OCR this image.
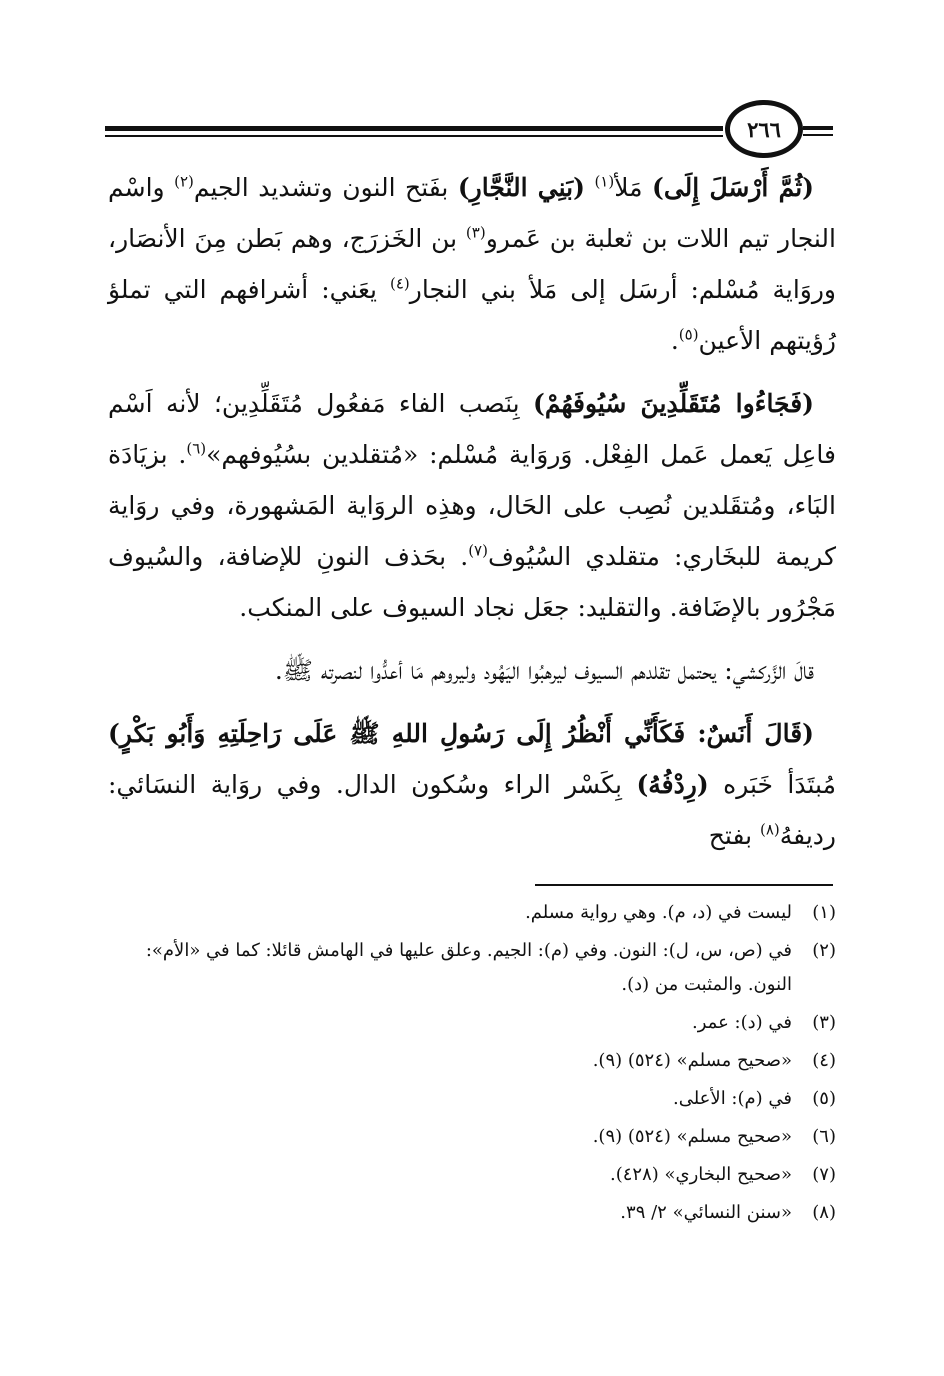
٢٦٦

(ثُمَّ أَرْسَلَ إِلَى) مَلأ$^{(١)}$ (بَنِي النَّجَّارِ) بفَتح النون وتشديد الجيم$^{(٢)}$ واسْم النجار تيم اللات بن ثعلبة بن عَمرو$^{(٣)}$ بن الخَزرَج، وهم بَطن مِنَ الأنصَار، وروَاية مُسْلم: أرسَل إلى مَلأ بني النجار$^{(٤)}$ يعَني: أشرافهم التي تملؤ رُؤيتهم الأعين$^{(٥)}$.

(فَجَاءُوا مُتَقَلِّدِينَ سُيُوفَهُمْ) بِنَصب الفاء مَفعُول مُتَقَلِّدِين؛ لأنه اَسْم فاعِل يَعمل عَمل الفِعْل. وَروَاية مُسْلم: «مُتقلدين بسُيُوفهم»$^{(٦)}$. بزيَادَة البَاء، ومُتقَلدين نُصِب على الحَال، وهذِه الروَاية المَشهورة، وفي روَاية كريمة للبخَاري: متقلدي السُيُوف$^{(٧)}$. بحَذف النونِ للإضافة، والسُيوف مَجْرُور بالإضَافة. والتقليد: جعَل نجاد السيوف على المنكب.

قالَ الزَّركشي: يحتمل تقلدهم السيوف ليرهبُوا اليَهُود وليروهم مَا أعدُّوا لنصرته ﷺ.

(قَالَ أَنَسٌ: فَكَأَنِّي أَنْظُرُ إِلَى رَسُولِ اللهِ ﷺ عَلَى رَاحِلَتِهِ وَأَبُو بَكْرٍ) مُبتَدَأ خَبَره (رِدْفُهُ) بِكَسْر الراء وسُكون الدال. وفي روَاية النسَائي: رديفهُ$^{(٨)}$ بفتح

(١)
ليست في (د، م). وهي رواية مسلم.
(٢)
في (ص، س، ل): النون. وفي (م): الجيم. وعلق عليها في الهامش قائلا: كما في «الأم»: النون. والمثبت من (د).
(٣)
في (د): عمر.
(٤)
«صحيح مسلم» (٥٢٤) (٩).
(٥)
في (م): الأعلى.
(٦)
«صحيح مسلم» (٥٢٤) (٩).
(٧)
«صحيح البخاري» (٤٢٨).
(٨)
«سنن النسائي» ٢/ ٣٩.
